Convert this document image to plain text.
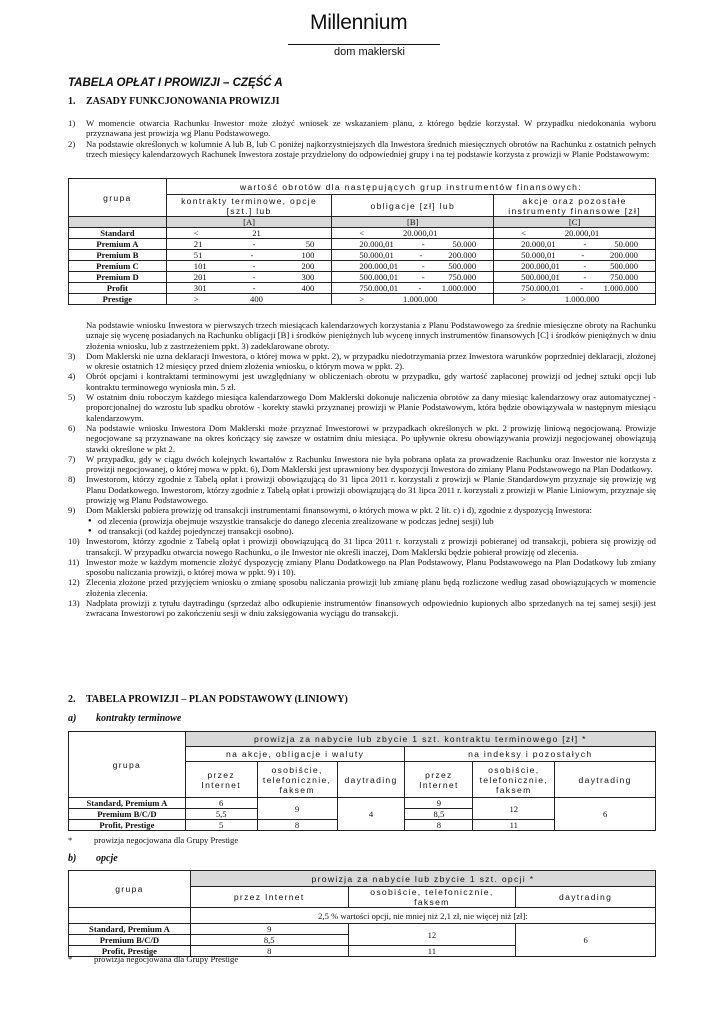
Millennium
dom maklerski
TABELA OPŁAT I PROWIZJI – CZĘŚĆ A
1. ZASADY FUNKCJONOWANIA PROWIZJI

1) W momencie otwarcia Rachunku Inwestor może złożyć wniosek ze wskazaniem planu, z którego będzie korzystał. W przypadku niedokonania wyboru przyznawana jest prowizja wg Planu Podstawowego.

2) Na podstawie określonych w kolumnie A lub B, lub C poniżej najkorzystniejszych dla Inwestora średnich miesięcznych obrotów na Rachunku z ostatnich pełnych trzech miesięcy kalendarzowych Rachunek Inwestora zostaje przydzielony do odpowiedniej grupy i na tej podstawie korzysta z prowizji w Planie Podstawowym:

grupa	wartość obrotów dla następujących grup instrumentów finansowych:		
	kontrakty terminowe, opcje [szt.] lub	obligacje [zł] lub	akcje oraz pozostałe instrumenty finansowe [zł]
	[A]	[B]	[C]
Standard	< 21	< 20.000,01	< 20.000,01

Premium A	21 - 50	20.000,01 - 50.000	20.000,01 - 50.000

Premium B	51 - 100	50.000,01 - 200.000	50.000,01 - 200.000

Premium C	101 - 200	200.000,01 - 500.000	200.000,01 - 500.000

Premium D	201 - 300	500.000,01 - 750.000	500.000,01 - 750.000

Profit	301 - 400	750.000,01 - 1.000.000	750.000,01 - 1.000.000

Prestige	> 400	> 1.000.000	> 1.000.000

Na podstawie wniosku Inwestora w pierwszych trzech miesiącach kalendarzowych korzystania z Planu Podstawowego za średnie miesięczne obroty na Rachunku uznaje się wycenę posiadanych na Rachunku obligacji [B] i środków pieniężnych lub wycenę innych instrumentów finansowych [C] i środków pieniężnych w dniu złożenia wniosku, lub z zastrzeżeniem ppkt. 3) zadeklarowane obroty.

3) Dom Maklerski nie uzna deklaracji Inwestora, o której mowa w ppkt. 2), w przypadku niedotrzymania przez Inwestora warunków poprzedniej deklaracji, złożonej w okresie ostatnich 12 miesięcy przed dniem złożenia wniosku, o którym mowa w ppkt. 2).

4) Obrót opcjami i kontraktami terminowymi jest uwzględniany w obliczeniach obrotu w przypadku, gdy wartość zapłaconej prowizji od jednej sztuki opcji lub kontraktu terminowego wyniosła min. 5 zł.

5) W ostatnim dniu roboczym każdego miesiąca kalendarzowego Dom Maklerski dokonuje naliczenia obrotów za dany miesiąc kalendarzowy oraz automatycznej - proporcjonalnej do wzrostu lub spadku obrotów - korekty stawki przyznanej prowizji w Planie Podstawowym, która będzie obowiązywała w następnym miesiącu kalendarzowym.

6) Na podstawie wniosku Inwestora Dom Maklerski może przyznać Inwestorowi w przypadkach określonych w pkt. 2 prowizję liniową negocjowaną. Prowizje negocjowane są przyznawane na okres kończący się zawsze w ostatnim dniu miesiąca. Po upływnie okresu obowiązywania prowizji negocjowanej obowiązują stawki określone w pkt 2.

7) W przypadku, gdy w ciągu dwóch kolejnych kwartałów z Rachunku Inwestora nie była pobrana opłata za prowadzenie Rachunku oraz Inwestor nie korzysta z prowizji negocjowanej, o której mowa w ppkt. 6), Dom Maklerski jest uprawniony bez dyspozycji Inwestora do zmiany Planu Podstawowego na Plan Dodatkowy.

8) Inwestorom, którzy zgodnie z Tabelą opłat i prowizji obowiązującą do 31 lipca 2011 r. korzystali z prowizji w Planie Standardowym przyznaje się prowizję wg Planu Dodatkowego. Inwestorom, którzy zgodnie z Tabelą opłat i prowizji obowiązującą do 31 lipca 2011 r. korzystali z prowizji w Planie Liniowym, przyznaje się prowizję wg Planu Podstawowego.

9) Dom Maklerski pobiera prowizję od transakcji instrumentami finansowymi, o których mowa w pkt. 2 lit. c) i d), zgodnie z dyspozycją Inwestora:

● od zlecenia (prowizja obejmuje wszystkie transakcje do danego zlecenia zrealizowane w podczas jednej sesji) lub

● od transakcji (od każdej pojedynczej transakcji osobno).

10) Inwestorom, którzy zgodnie z Tabelą opłat i prowizji obowiązującą do 31 lipca 2011 r. korzystali z prowizji pobieranej od transakcji, pobiera się prowizję od transakcji. W przypadku otwarcia nowego Rachunku, o ile Inwestor nie określi inaczej, Dom Maklerski będzie pobierał prowizję od zlecenia.

11) Inwestor może w każdym momencie złożyć dyspozycję zmiany Planu Dodatkowego na Plan Podstawowy, Planu Podstawowego na Plan Dodatkowy lub zmiany sposobu naliczania prowizji, o której mowa w ppkt. 9) i 10).

12) Zlecenia złożone przed przyjęciem wniosku o zmianę sposobu naliczania prowizji lub zmianę planu będą rozliczone według zasad obowiązujących w momencie złożenia zlecenia.

13) Nadpłata prowizji z tytułu daytradingu (sprzedaż albo odkupienie instrumentów finansowych odpowiednio kupionych albo sprzedanych na tej samej sesji) jest zwracana Inwestorowi po zakończeniu sesji w dniu zaksięgowania wyciągu do transakcji.

2. TABELA PROWIZJI – PLAN PODSTAWOWY (LINIOWY)
a) kontrakty terminowe
grupa	prowizja za nabycie lub zbycie 1 szt. kontraktu terminowego [zł] *					
	na akcje, obligacje i waluty			na indeksy i pozostałych		
	przez Internet	osobiście, telefonicznie, faksem	daytrading	przez Internet	osobiście, telefonicznie, faksem	daytrading
Standard, Premium A	6	9	4	9	12	6
Premium B/C/D	5,5			8,5		
Profit, Prestige	5	8		8	11	
*	prowizja negocjowana dla Grupy Prestige
b) opcje
grupa	prowizja za nabycie lub zbycie 1 szt. opcji *		
	przez Internet	osobiście, telefonicznie, faksem	daytrading
	2,5 % wartości opcji, nie mniej niż 2,1 zł, nie więcej niż [zł]:		
Standard, Premium A	9	12	6
Premium B/C/D	8,5		
Profit, Prestige	8	11	
*	prowizja negocjowana dla Grupy Prestige
